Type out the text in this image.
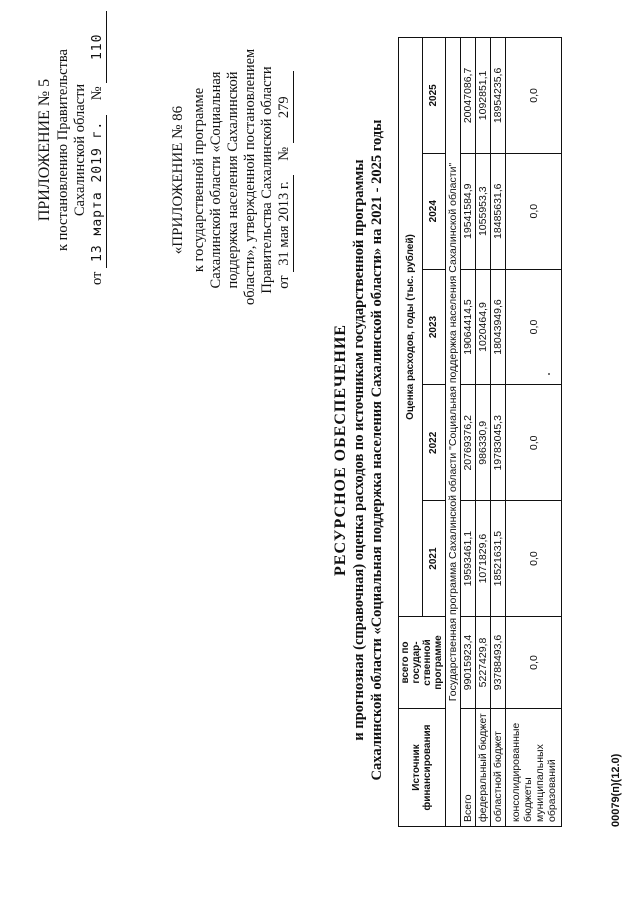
ПРИЛОЖЕНИЕ № 5 к постановлению Правительства Сахалинской области
от 13 марта 2019 г.    № 110
«ПРИЛОЖЕНИЕ № 86 к государственной программе Сахалинской области «Социальная поддержка населения Сахалинской области», утвержденной постановлением Правительства Сахалинской области от 31 мая 2013 г.    № 279
РЕСУРСНОЕ ОБЕСПЕЧЕНИЕ и прогнозная (справочная) оценка расходов по источникам государственной программы Сахалинской области «Социальная поддержка населения Сахалинской области» на 2021 - 2025 годы	Источник финансирования	всего по государ-ственной программе	Оценка расходов, годы (тыс. рублей)				
		2021	2022	2023	2024	2025
Государственная программа Сахалинской области "Социальная поддержка населения Сахалинской области"						
Всего	99015923,4	19593461,1	20769376,2	19064414,5	19541584,9	20047086,7
федеральный бюджет	5227429,8	1071829,6	986330,9	1020464,9	1055953,3	1092851,1
областной бюджет	93788493,6	18521631,5	19783045,3	18043949,6	18485631,6	18954235,6
консолидированные бюджеты муниципальных образований	0,0	0,0	0,0	0,0	0,0	0,0
00079(п)(12.0)
